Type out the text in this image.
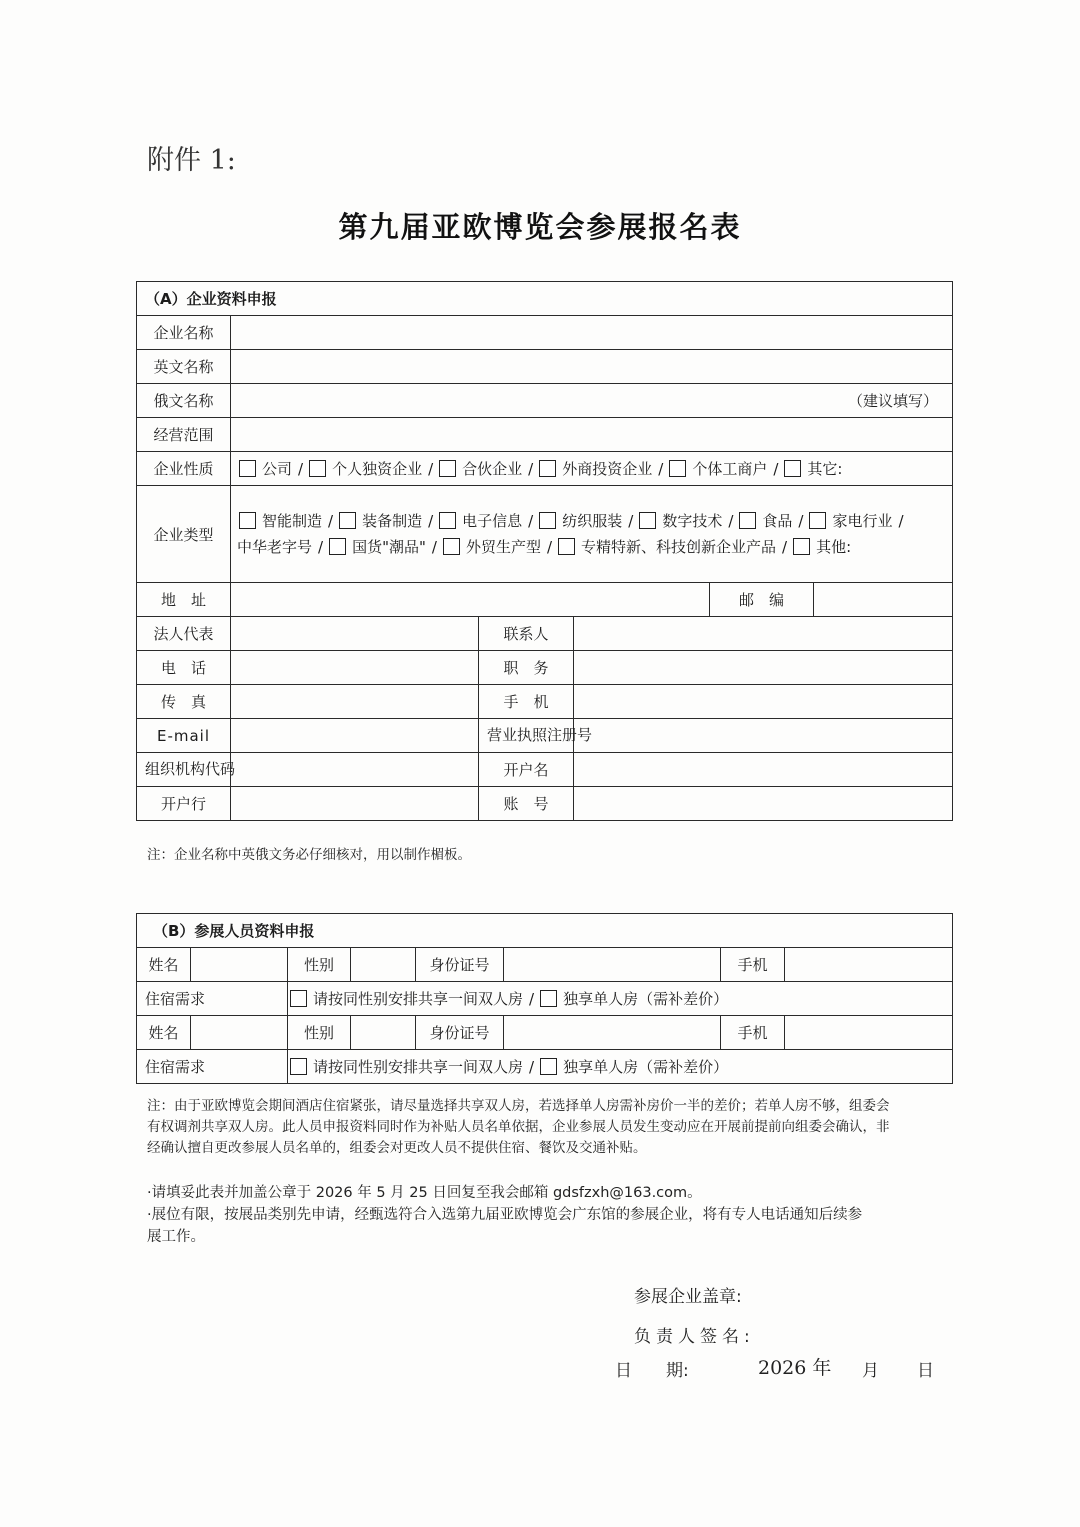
附件 1:
第九届亚欧博览会参展报名表
（A）企业资料申报					
企业名称					
英文名称					
俄文名称	（建议填写）				
经营范围					
企业性质	公司 / 个人独资企业 / 合伙企业 / 外商投资企业 / 个体工商户 / 其它:				
企业类型	智能制造 / 装备制造 / 电子信息 / 纺织服装 / 数字技术 / 食品 / 家电行业 /
中华老字号 / 国货"潮品" / 外贸生产型 / 专精特新、科技创新企业产品 / 其他:				

地　址				邮　编	
法人代表		联系人			
电　话		职　务			
传　真		手　机			
E-mail		营业执照注册号			
组织机构代码		开户名			
开户行		账　号			
注：企业名称中英俄文务必仔细核对，用以制作楣板。
（B）参展人员资料申报							
姓名		性别		身份证号		手机	
住宿需求		请按同性别安排共享一间双人房 / 独享单人房（需补差价）					
姓名		性别		身份证号		手机	
住宿需求		请按同性别安排共享一间双人房 / 独享单人房（需补差价）					
注：由于亚欧博览会期间酒店住宿紧张，请尽量选择共享双人房，若选择单人房需补房价一半的差价；若单人房不够，组委会
有权调剂共享双人房。此人员申报资料同时作为补贴人员名单依据，企业参展人员发生变动应在开展前提前向组委会确认，非
经确认擅自更改参展人员名单的，组委会对更改人员不提供住宿、餐饮及交通补贴。
·请填妥此表并加盖公章于 2026 年 5 月 25 日回复至我会邮箱 gdsfzxh@163.com。
·展位有限，按展品类别先申请，经甄选符合入选第九届亚欧博览会广东馆的参展企业，将有专人电话通知后续参
展工作。
参展企业盖章:
负责人签名:
日　　期:	2026 年 月 日
